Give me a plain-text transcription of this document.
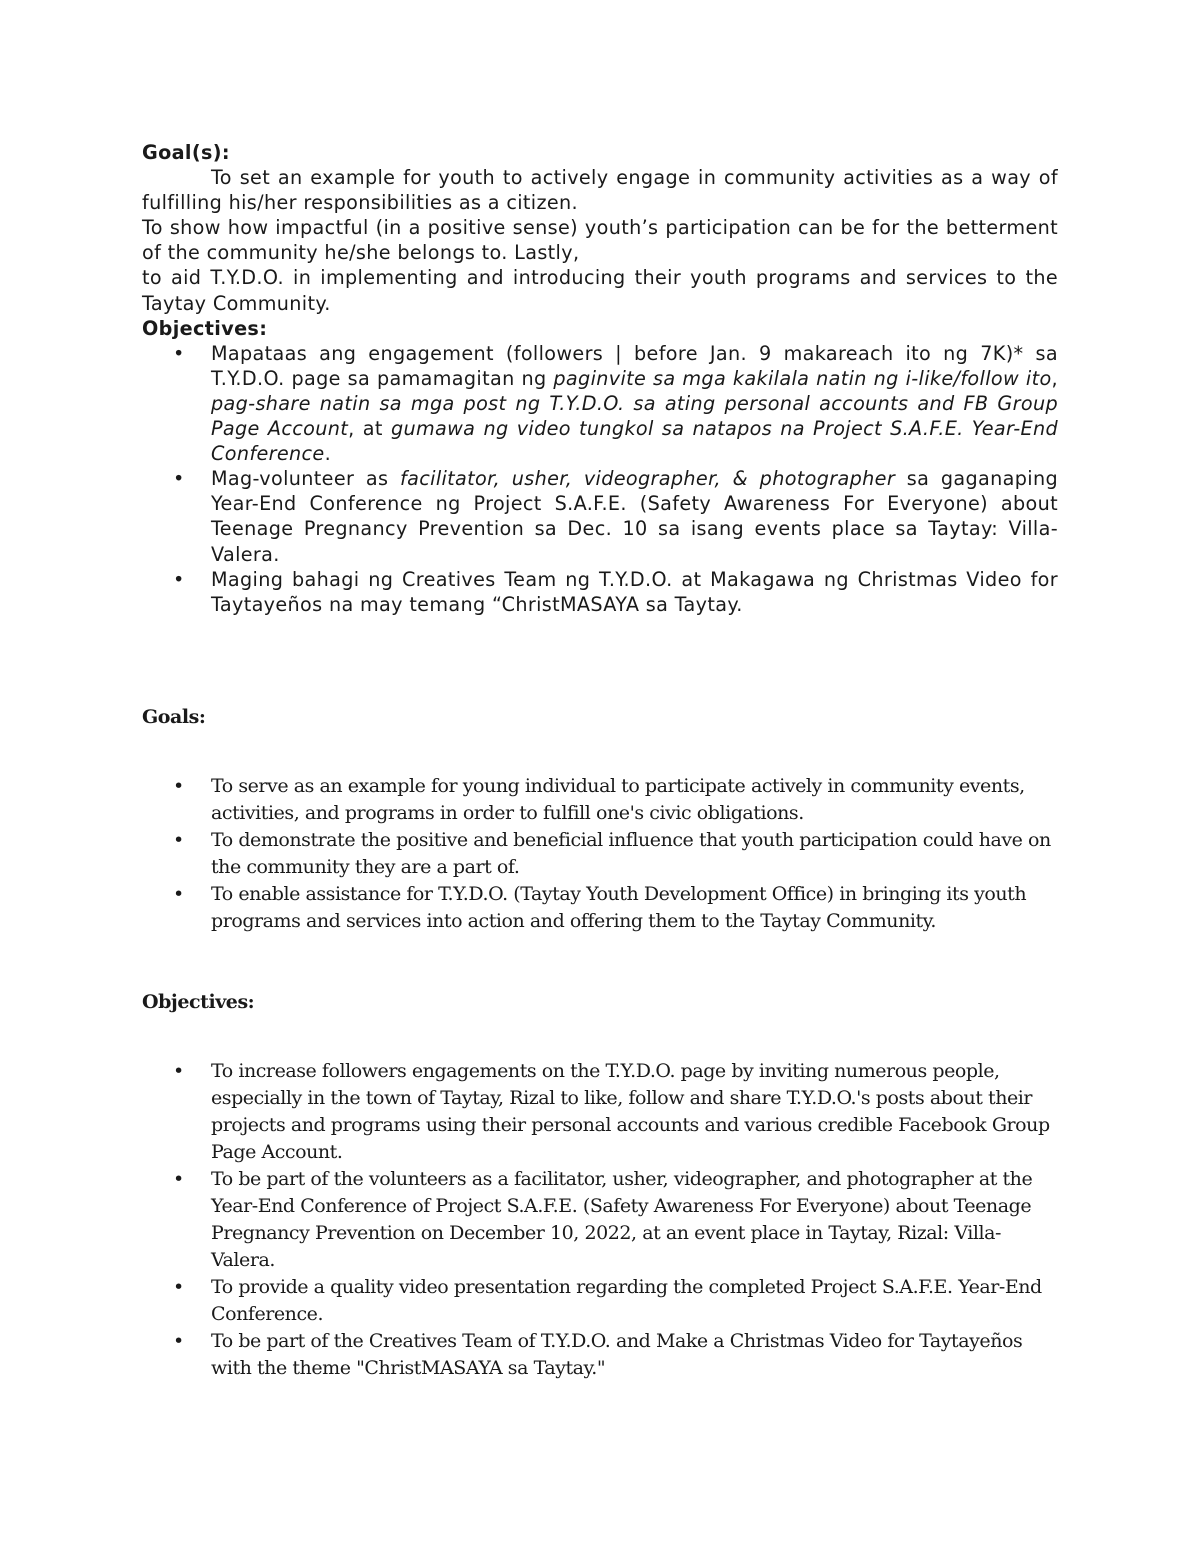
Goal(s):

To set an example for youth to actively engage in community activities as a way of fulfilling his/her responsibilities as a citizen.

To show how impactful (in a positive sense) youth’s participation can be for the betterment of the community he/she belongs to. Lastly,

to aid T.Y.D.O. in implementing and introducing their youth programs and services to the Taytay Community.

Objectives:

• Mapataas ang engagement (followers | before Jan. 9 makareach ito ng 7K)* sa T.Y.D.O. page sa pamamagitan ng paginvite sa mga kakilala natin ng i-like/follow ito, pag-share natin sa mga post ng T.Y.D.O. sa ating personal accounts and FB Group Page Account, at gumawa ng video tungkol sa natapos na Project S.A.F.E. Year-End Conference.
• Mag-volunteer as facilitator, usher, videographer, & photographer sa gaganaping Year-End Conference ng Project S.A.F.E. (Safety Awareness For Everyone) about Teenage Pregnancy Prevention sa Dec. 10 sa isang events place sa Taytay: Villa-Valera.
• Maging bahagi ng Creatives Team ng T.Y.D.O. at Makagawa ng Christmas Video for Taytayeños na may temang “ChristMASAYA sa Taytay.

Goals:

• To serve as an example for young individual to participate actively in community events, activities, and programs in order to fulfill one's civic obligations.
• To demonstrate the positive and beneficial influence that youth participation could have on the community they are a part of.
• To enable assistance for T.Y.D.O. (Taytay Youth Development Office) in bringing its youth programs and services into action and offering them to the Taytay Community.

Objectives:

• To increase followers engagements on the T.Y.D.O. page by inviting numerous people, especially in the town of Taytay, Rizal to like, follow and share T.Y.D.O.'s posts about their projects and programs using their personal accounts and various credible Facebook Group Page Account.
• To be part of the volunteers as a facilitator, usher, videographer, and photographer at the Year-End Conference of Project S.A.F.E. (Safety Awareness For Everyone) about Teenage Pregnancy Prevention on December 10, 2022, at an event place in Taytay, Rizal: Villa-Valera.
• To provide a quality video presentation regarding the completed Project S.A.F.E. Year-End Conference.
• To be part of the Creatives Team of T.Y.D.O. and Make a Christmas Video for Taytayeños with the theme "ChristMASAYA sa Taytay."
